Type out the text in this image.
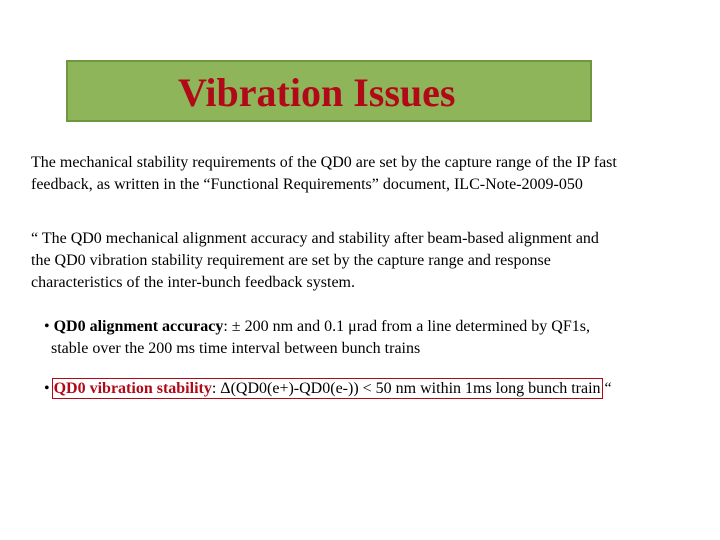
Vibration Issues
The mechanical stability requirements of the QD0 are set by the capture range of the IP fast
feedback, as written in the “Functional Requirements” document, ILC-Note-2009-050
“ The QD0 mechanical alignment accuracy and stability after beam-based alignment and
the QD0 vibration stability requirement are set by the capture range and response
characteristics of the inter-bunch feedback system.
• QD0 alignment accuracy: ± 200 nm and 0.1 μrad from a line determined by QF1s,
stable over the 200 ms time interval between bunch trains
• QD0 vibration stability: Δ(QD0(e+)-QD0(e-)) < 50 nm within 1ms long bunch train “
